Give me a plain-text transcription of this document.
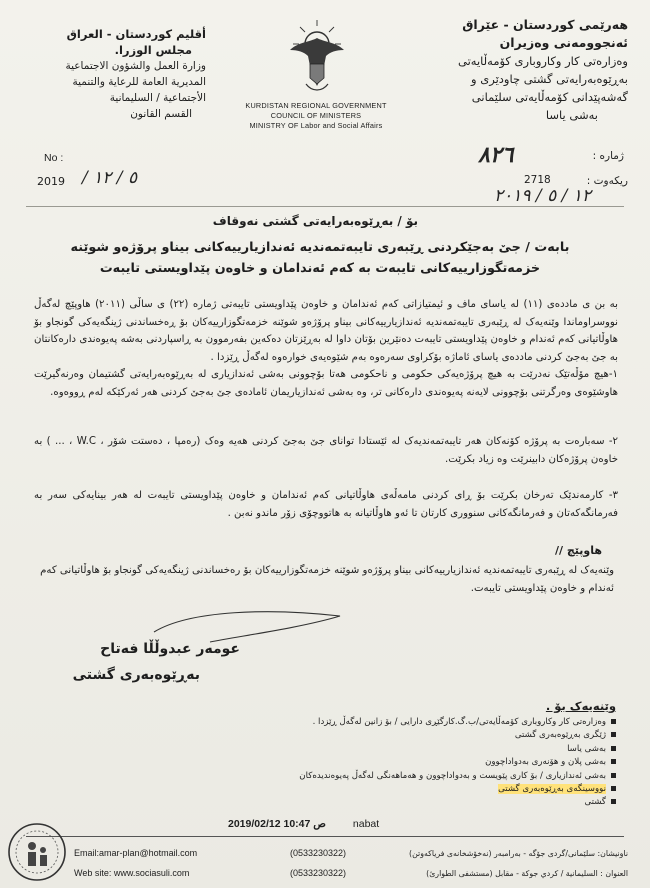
هەرێمی کوردستان - عێراق
ئەنجوومەنی وەزیران
وەزارەتی کار وکاروباری کۆمەڵایەتی
بەڕێوەبەرایەتی گشتی چاودێری و
گەشەپێدانی کۆمەڵایەتی سلێمانی
بەشی یاسا
أقليم كوردستان - العراق
مجلس الوزرا.
وزارة العمل والشؤون الاجتماعية
المديرية العامة للرعاية والتنمية
الأجتماعية / السليمانية
القسم القانون
KURDISTAN REGIONAL GOVERNMENT
COUNCIL OF MINISTERS
MINISTRY OF Labor and Social Affairs
No :
2019 / ٥ / ١٢
ژمارە :
٨٢٦
ریکەوت :
2718
١٢ / ٥ / ٢٠١٩
بۆ / بەڕێوەبەرایەتی گشتی نەوقاف
بابەت / جێ بەجێکردنی ڕێبەری تایبەتمەندیە ئەندازیارییەکانی بیناو پرۆژەو شوێنە
خزمەتگوزارییەکانی تایبەت بە کەم ئەندامان و خاوەن پێداویستی تایبەت
بە بن ی ماددەی (١١) لە یاسای ماف و ئیمتیازاتی کەم ئەندامان و خاوەن پێداویستی تایبەتی ژمارە (٢٢) ی ساڵی (٢٠١١) هاوپێچ لەگەڵ نووسراوماندا وێنەیەک لە ڕێبەری تایبەتمەندیە ئەندازیارییەکانی بیناو پرۆژەو شوێنە خزمەتگوزارییەکان بۆ ڕەخساندنی ژینگەیەکی گونجاو بۆ هاوڵاتیانی کەم ئەندام و خاوەن پێداویستی تایبەت دەنێرین بۆتان داوا لە بەڕێزتان دەکەین بفەرموون بە ڕاسپاردنی بەشە پەیوەندی دارەکانتان بە جێ بەجێ کردنی ماددەی یاسای ئاماژە بۆکراوی سەرەوە بەم شێوەیەی خوارەوە لەگەڵ ڕێزدا .
١-هیچ مۆڵەتێک نەدرێت بە هیچ پرۆژەیەکی حکومی و ناحکومی هەتا بۆچوونی بەشی ئەندازیاری لە بەڕێوەبەرایەتی گشتیمان وەرنەگیرێت هاوشێوەی وەرگرتنی بۆچوونی لایەنە پەیوەندی دارەکانی تر، وە بەشی ئەندازیاریمان ئامادەی جێ بەجێ کردنی هەر ئەرکێکە لەم ڕووەوە.
٢- سەبارەت بە پرۆژە کۆنەکان هەر تایبەتمەندیەک لە ئێستادا توانای جێ بەجێ کردنی هەیە وەک (رەمپا ، دەستت شۆر ، W.C ، ... ) بە خاوەن پرۆژەکان دابینرێت وە زیاد بکرێت.
٣- کارمەندێک تەرخان بکرێت بۆ ڕای کردنی مامەڵەی هاوڵاتیانی کەم ئەندامان و خاوەن پێداویستی تایبەت لە هەر بینایەکی سەر بە فەرمانگەکەتان و فەرمانگەکانی سنووری کارتان تا ئەو هاوڵاتیانە بە هاتووچۆی زۆر ماندو نەبن .
هاوپێچ //
وێنەیەک لە ڕێبەری تایبەتمەندیە ئەندازیارییەکانی بیناو پرۆژەو شوێنە خزمەتگوزارییەکان بۆ رەخساندنی ژینگەیەکی گونجاو بۆ هاوڵاتیانی کەم ئەندام و خاوەن پێداویستی تایبەت.
عومەر عبدوڵڵا فەتاح
بەڕێوەبەری گشتی
وێنەیەک بۆ .
وەزارەتی کار وکاروباری کۆمەڵایەتی/ب.گ.کارگێڕی دارایی / بۆ زانین لەگەڵ ڕێزدا .
ژێگری بەڕێوەبەری گشتی
بەشی یاسا
بەشی پلان و هۆنەری بەدواداچوون
بەشی ئەندازیاری / بۆ کاری پێویست و بەدواداچوون و هەماهەنگی لەگەڵ پەیوەندیدەکان
نووسینگەی بەڕێوەبەری گشتی
گشتی
ص 10:47 2019/02/12	nabat
Email:amar-plan@hotmail.com
Web site: www.sociasuli.com
(0533230322)
(0533230322)
ناونیشان: سلێمانی/گردی جۆگە - بەرامبەر (نەخۆشخانەی فریاکەوتن)
العنوان : السليمانية / كردي جوكة - مقابل (مستشفى الطوارئ)
